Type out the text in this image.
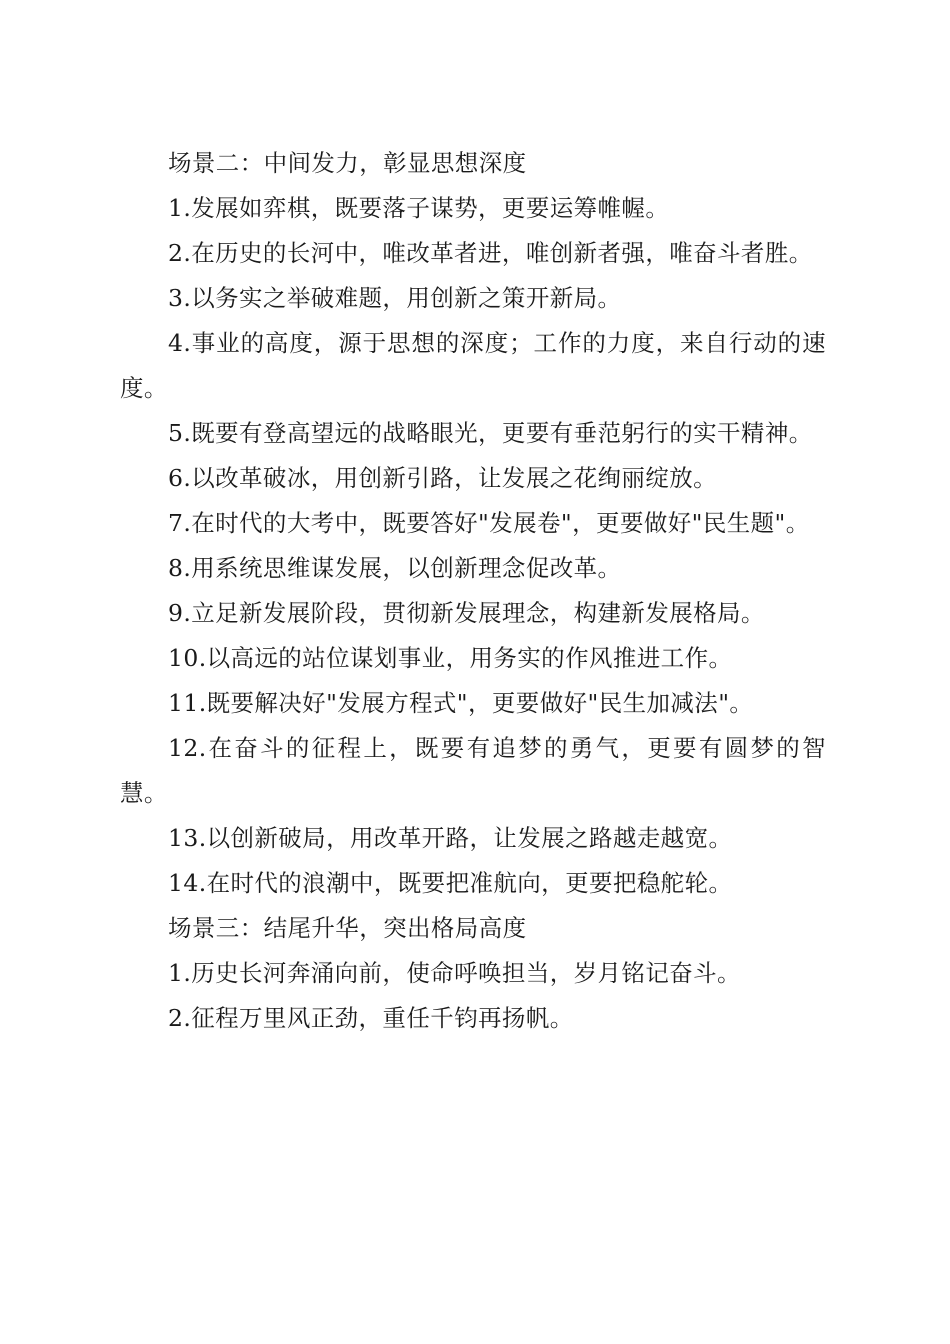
场景二：中间发力，彰显思想深度

1.发展如弈棋，既要落子谋势，更要运筹帷幄。

2.在历史的长河中，唯改革者进，唯创新者强，唯奋斗者胜。

3.以务实之举破难题，用创新之策开新局。

4.事业的高度，源于思想的深度；工作的力度，来自行动的速度。

5.既要有登高望远的战略眼光，更要有垂范躬行的实干精神。

6.以改革破冰，用创新引路，让发展之花绚丽绽放。

7.在时代的大考中，既要答好"发展卷"，更要做好"民生题"。

8.用系统思维谋发展，以创新理念促改革。

9.立足新发展阶段，贯彻新发展理念，构建新发展格局。

10.以高远的站位谋划事业，用务实的作风推进工作。

11.既要解决好"发展方程式"，更要做好"民生加减法"。

12.在奋斗的征程上，既要有追梦的勇气，更要有圆梦的智慧。

13.以创新破局，用改革开路，让发展之路越走越宽。

14.在时代的浪潮中，既要把准航向，更要把稳舵轮。

场景三：结尾升华，突出格局高度

1.历史长河奔涌向前，使命呼唤担当，岁月铭记奋斗。

2.征程万里风正劲，重任千钧再扬帆。
